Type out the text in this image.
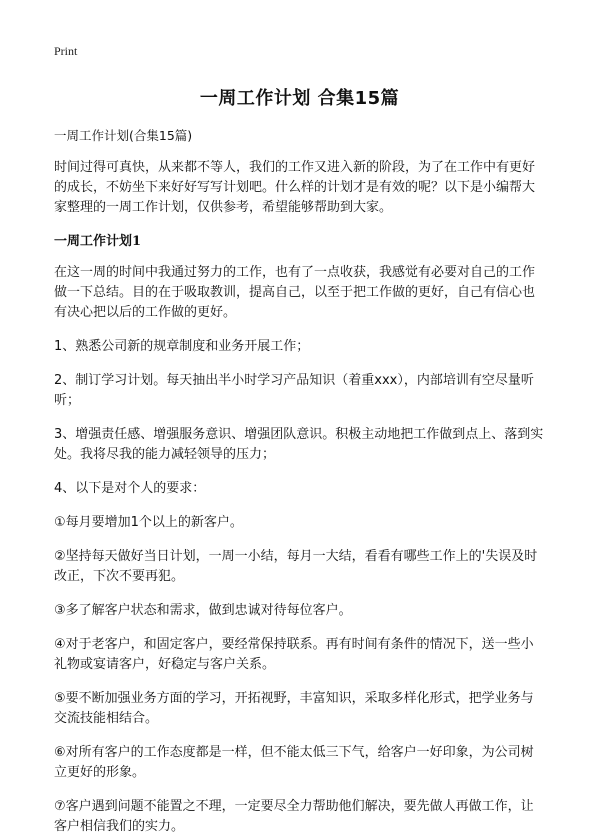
Print
一周工作计划 合集15篇
一周工作计划(合集15篇)

时间过得可真快，从来都不等人，我们的工作又进入新的阶段，为了在工作中有更好的成长，不妨坐下来好好写写计划吧。什么样的计划才是有效的呢？以下是小编帮大家整理的一周工作计划，仅供参考，希望能够帮助到大家。

一周工作计划1

在这一周的时间中我通过努力的工作，也有了一点收获，我感觉有必要对自己的工作做一下总结。目的在于吸取教训，提高自己，以至于把工作做的更好，自己有信心也有决心把以后的工作做的更好。

1、熟悉公司新的规章制度和业务开展工作；

2、制订学习计划。每天抽出半小时学习产品知识（着重xxx），内部培训有空尽量听听；

3、增强责任感、增强服务意识、增强团队意识。积极主动地把工作做到点上、落到实处。我将尽我的能力减轻领导的压力；

4、以下是对个人的要求：

①每月要增加1个以上的新客户。

②坚持每天做好当日计划，一周一小结，每月一大结，看看有哪些工作上的'失误及时改正，下次不要再犯。

③多了解客户状态和需求，做到忠诚对待每位客户。

④对于老客户，和固定客户，要经常保持联系。再有时间有条件的情况下，送一些小礼物或宴请客户，好稳定与客户关系。

⑤要不断加强业务方面的学习，开拓视野，丰富知识，采取多样化形式，把学业务与交流技能相结合。

⑥对所有客户的工作态度都是一样，但不能太低三下气，给客户一好印象，为公司树立更好的形象。

⑦客户遇到问题不能置之不理，一定要尽全力帮助他们解决，要先做人再做工作，让客户相信我们的实力。
